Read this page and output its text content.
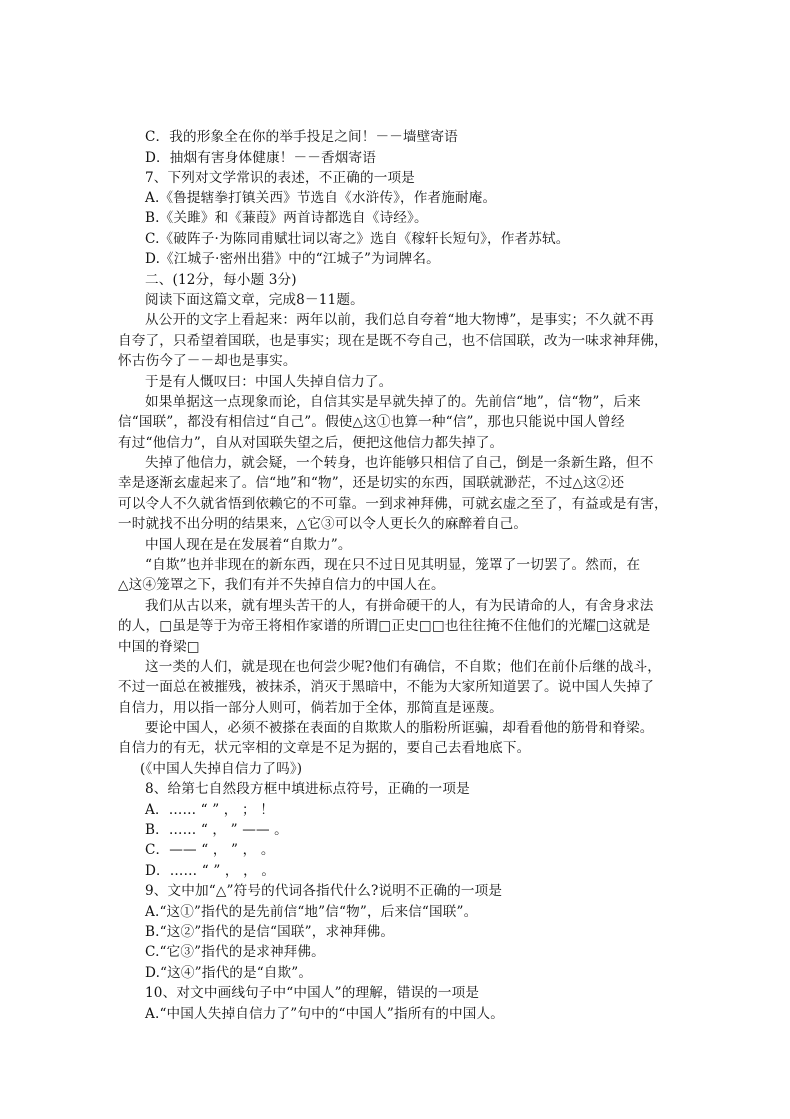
C．我的形象全在你的举手投足之间！－－墙壁寄语

D．抽烟有害身体健康！－－香烟寄语

7、下列对文学常识的表述，不正确的一项是

A.《鲁提辖拳打镇关西》节选自《水浒传》，作者施耐庵。

B.《关雎》和《蒹葭》两首诗都选自《诗经》。

C.《破阵子·为陈同甫赋壮词以寄之》选自《稼轩长短句》，作者苏轼。

D.《江城子·密州出猎》中的“江城子”为词牌名。

二、(12分，每小题 3分)

阅读下面这篇文章，完成8－11题。

从公开的文字上看起来：两年以前，我们总自夸着“地大物博”，是事实；不久就不再

自夸了，只希望着国联，也是事实；现在是既不夸自己，也不信国联，改为一味求神拜佛，

怀古伤今了－－却也是事实。

于是有人慨叹曰：中国人失掉自信力了。

如果单据这一点现象而论，自信其实是早就失掉了的。先前信“地”，信“物”，后来

信“国联”，都没有相信过“自己”。假使△这①也算一种“信”，那也只能说中国人曾经

有过“他信力”，自从对国联失望之后，便把这他信力都失掉了。

失掉了他信力，就会疑，一个转身，也许能够只相信了自己，倒是一条新生路，但不

幸是逐渐玄虚起来了。信“地”和“物”，还是切实的东西，国联就渺茫，不过△这②还

可以令人不久就省悟到依赖它的不可靠。一到求神拜佛，可就玄虚之至了，有益或是有害，

一时就找不出分明的结果来，△它③可以令人更长久的麻醉着自己。

中国人现在是在发展着“自欺力”。

“自欺”也并非现在的新东西，现在只不过日见其明显，笼罩了一切罢了。然而，在

△这④笼罩之下，我们有并不失掉自信力的中国人在。

我们从古以来，就有埋头苦干的人，有拼命硬干的人，有为民请命的人，有舍身求法

的人，□虽是等于为帝王将相作家谱的所谓□正史□□也往往掩不住他们的光耀□这就是

中国的脊梁□

这一类的人们，就是现在也何尝少呢?他们有确信，不自欺；他们在前仆后继的战斗，

不过一面总在被摧残，被抹杀，消灭于黑暗中，不能为大家所知道罢了。说中国人失掉了

自信力，用以指一部分人则可，倘若加于全体，那简直是诬蔑。

要论中国人，必须不被搽在表面的自欺欺人的脂粉所诓骗，却看看他的筋骨和脊梁。

自信力的有无，状元宰相的文章是不足为据的，要自己去看地底下。

(《中国人失掉自信力了吗》)

8、给第七自然段方框中填进标点符号，正确的一项是

A．…… “ ” ， ； ！

B．…… “ ， ” —— 。

C．—— “ ， ” ， 。

D．…… “ ” ， ， 。

9、文中加“△”符号的代词各指代什么?说明不正确的一项是

A.“这①”指代的是先前信“地”信“物”，后来信“国联”。

B.“这②”指代的是信“国联”，求神拜佛。

C.“它③”指代的是求神拜佛。

D.“这④”指代的是“自欺”。

10、对文中画线句子中“中国人”的理解，错误的一项是

A.“中国人失掉自信力了”句中的“中国人”指所有的中国人。
